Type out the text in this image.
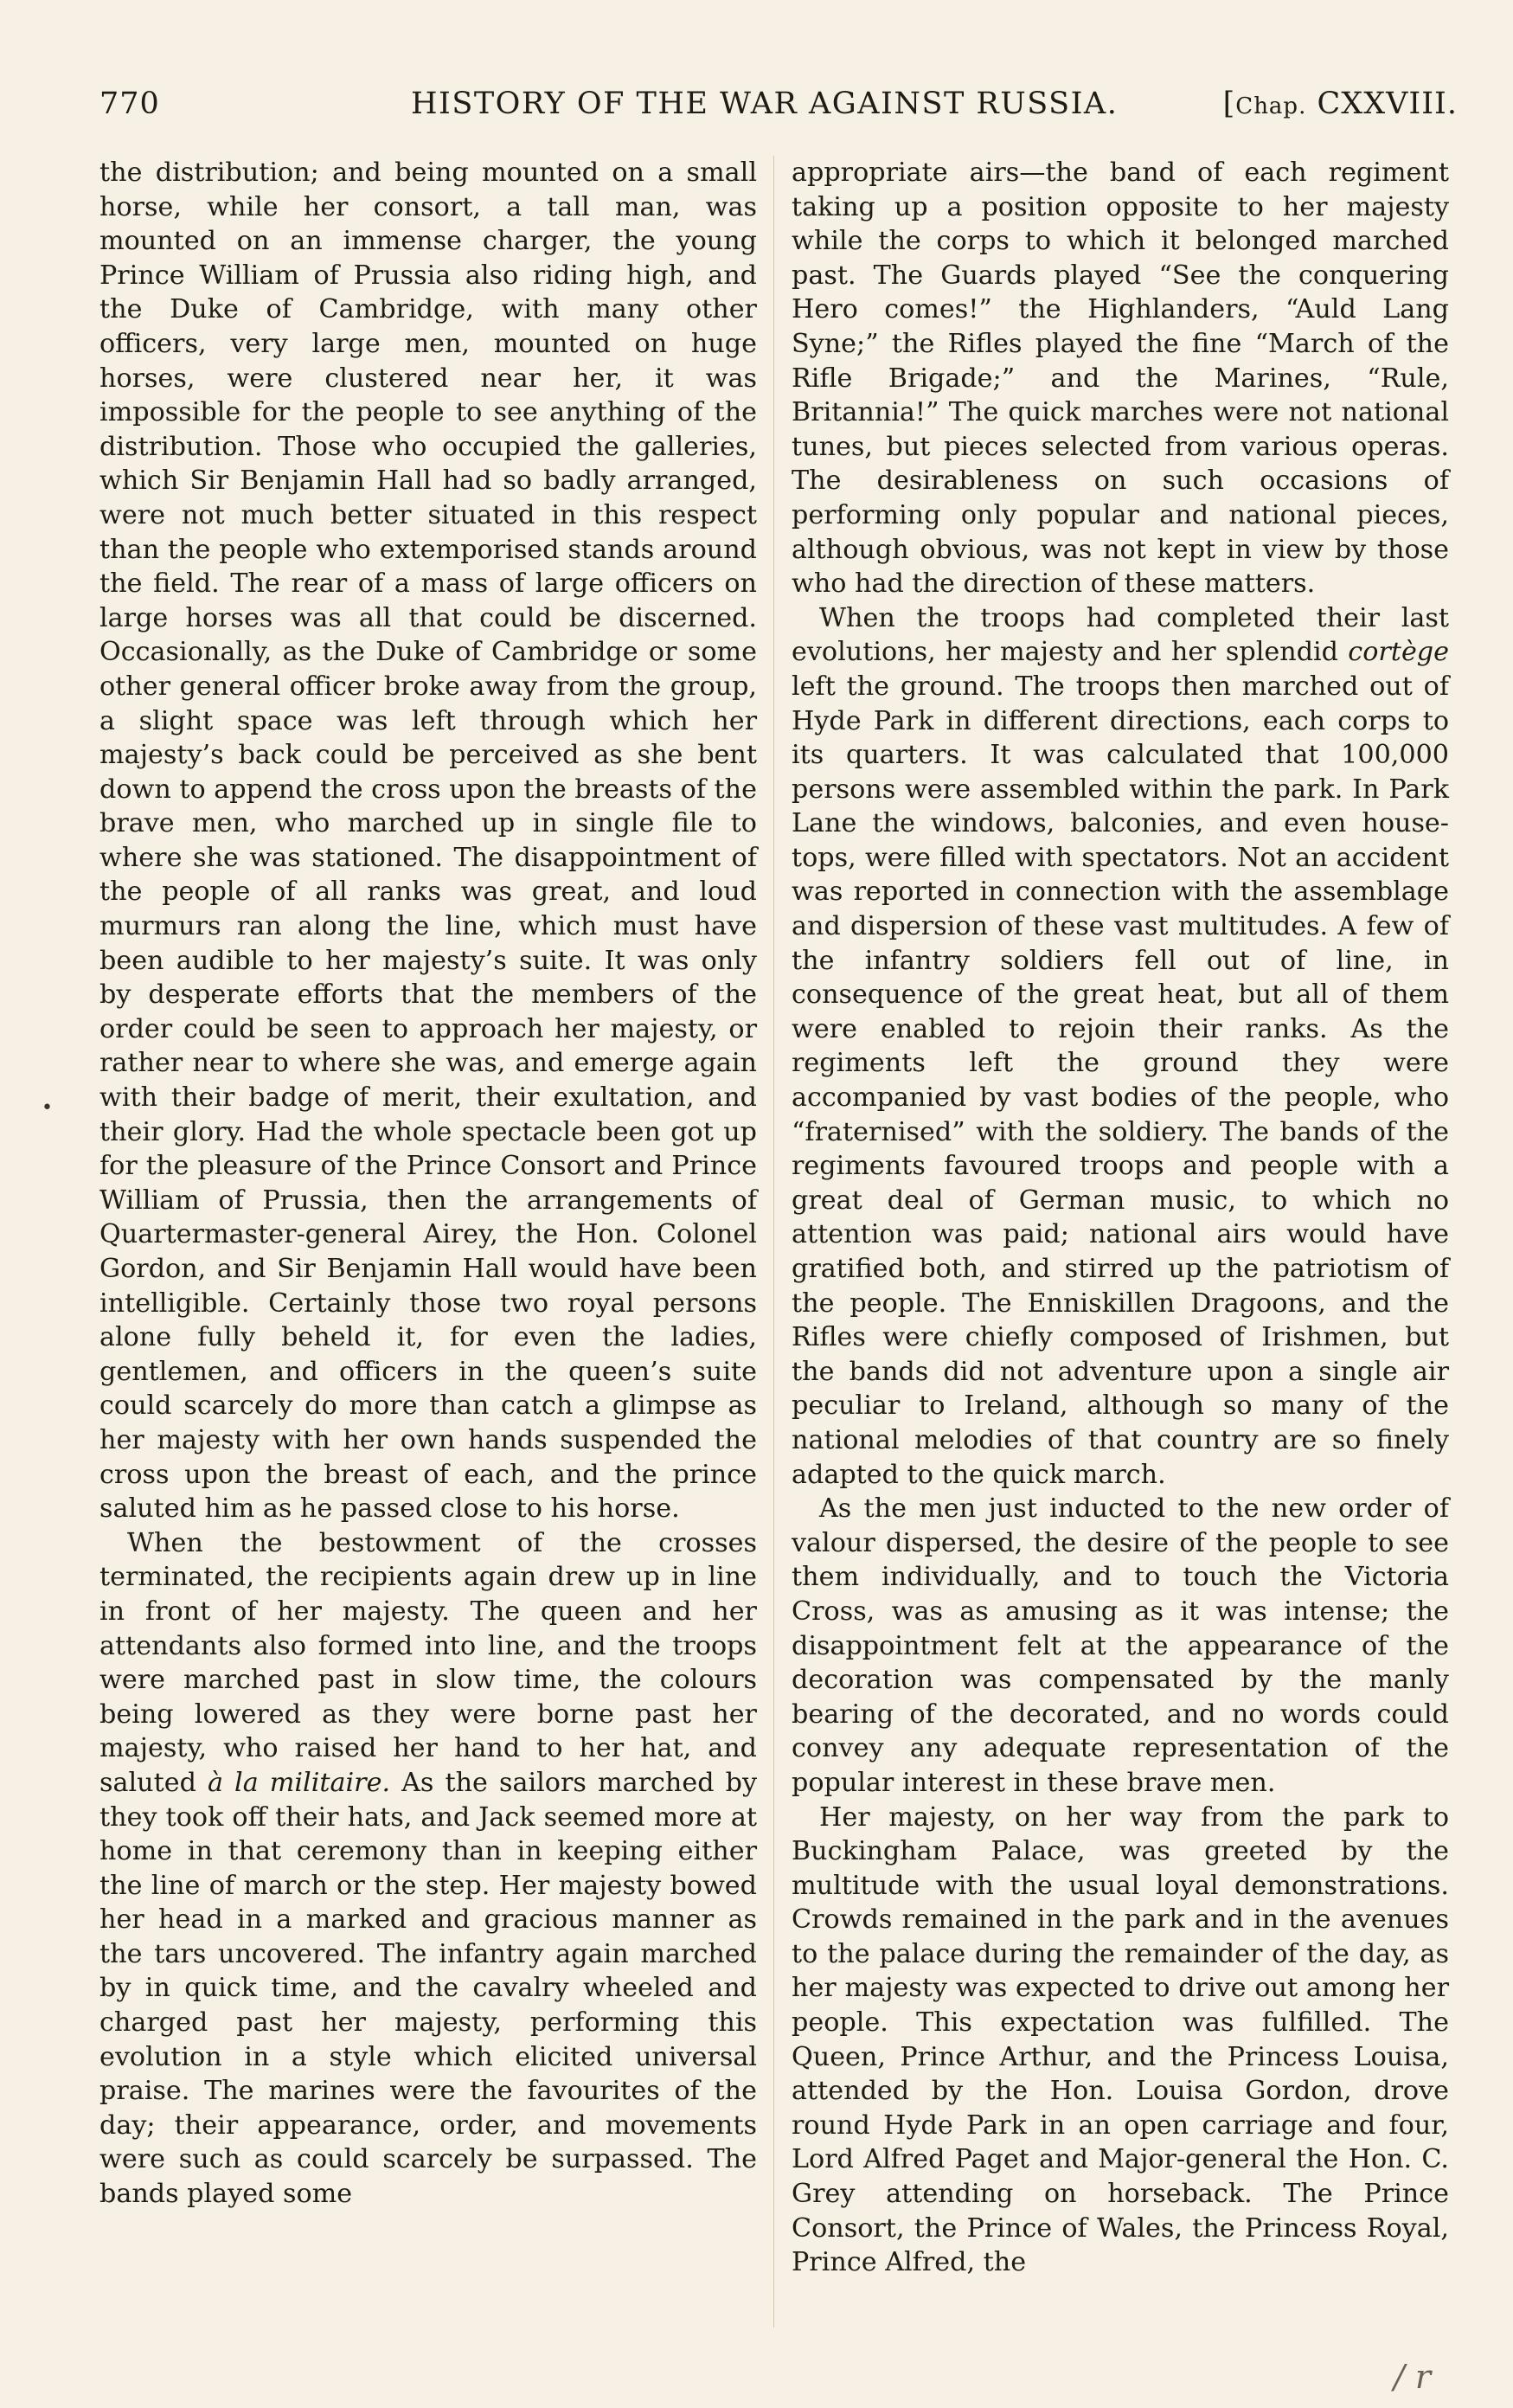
770	HISTORY OF THE WAR AGAINST RUSSIA.	[Chap. CXXVIII.

the distribution; and being mounted on a small horse, while her consort, a tall man, was mounted on an immense charger, the young Prince William of Prussia also riding high, and the Duke of Cambridge, with many other officers, very large men, mounted on huge horses, were clustered near her, it was impossible for the people to see anything of the distribution. Those who occupied the galleries, which Sir Benjamin Hall had so badly arranged, were not much better situated in this respect than the people who extemporised stands around the field. The rear of a mass of large officers on large horses was all that could be discerned. Occasionally, as the Duke of Cambridge or some other general officer broke away from the group, a slight space was left through which her majesty’s back could be perceived as she bent down to append the cross upon the breasts of the brave men, who marched up in single file to where she was stationed. The disappointment of the people of all ranks was great, and loud murmurs ran along the line, which must have been audible to her majesty’s suite. It was only by desperate efforts that the members of the order could be seen to approach her majesty, or rather near to where she was, and emerge again with their badge of merit, their exultation, and their glory. Had the whole spectacle been got up for the pleasure of the Prince Consort and Prince William of Prussia, then the arrangements of Quartermaster-general Airey, the Hon. Colonel Gordon, and Sir Benjamin Hall would have been intelligible. Certainly those two royal persons alone fully beheld it, for even the ladies, gentlemen, and officers in the queen’s suite could scarcely do more than catch a glimpse as her majesty with her own hands suspended the cross upon the breast of each, and the prince saluted him as he passed close to his horse.

When the bestowment of the crosses terminated, the recipients again drew up in line in front of her majesty. The queen and her attendants also formed into line, and the troops were marched past in slow time, the colours being lowered as they were borne past her majesty, who raised her hand to her hat, and saluted à la militaire. As the sailors marched by they took off their hats, and Jack seemed more at home in that ceremony than in keeping either the line of march or the step. Her majesty bowed her head in a marked and gracious manner as the tars uncovered. The infantry again marched by in quick time, and the cavalry wheeled and charged past her majesty, performing this evolution in a style which elicited universal praise. The marines were the favourites of the day; their appearance, order, and movements were such as could scarcely be surpassed. The bands played some

appropriate airs—the band of each regiment taking up a position opposite to her majesty while the corps to which it belonged marched past. The Guards played “See the conquering Hero comes!” the Highlanders, “Auld Lang Syne;” the Rifles played the fine “March of the Rifle Brigade;” and the Marines, “Rule, Britannia!” The quick marches were not national tunes, but pieces selected from various operas. The desirableness on such occasions of performing only popular and national pieces, although obvious, was not kept in view by those who had the direction of these matters.

When the troops had completed their last evolutions, her majesty and her splendid cortège left the ground. The troops then marched out of Hyde Park in different directions, each corps to its quarters. It was calculated that 100,000 persons were assembled within the park. In Park Lane the windows, balconies, and even house-tops, were filled with spectators. Not an accident was reported in connection with the assemblage and dispersion of these vast multitudes. A few of the infantry soldiers fell out of line, in consequence of the great heat, but all of them were enabled to rejoin their ranks. As the regiments left the ground they were accompanied by vast bodies of the people, who “fraternised” with the soldiery. The bands of the regiments favoured troops and people with a great deal of German music, to which no attention was paid; national airs would have gratified both, and stirred up the patriotism of the people. The Enniskillen Dragoons, and the Rifles were chiefly composed of Irishmen, but the bands did not adventure upon a single air peculiar to Ireland, although so many of the national melodies of that country are so finely adapted to the quick march.

As the men just inducted to the new order of valour dispersed, the desire of the people to see them individually, and to touch the Victoria Cross, was as amusing as it was intense; the disappointment felt at the appearance of the decoration was compensated by the manly bearing of the decorated, and no words could convey any adequate representation of the popular interest in these brave men.

Her majesty, on her way from the park to Buckingham Palace, was greeted by the multitude with the usual loyal demonstrations. Crowds remained in the park and in the avenues to the palace during the remainder of the day, as her majesty was expected to drive out among her people. This expectation was fulfilled. The Queen, Prince Arthur, and the Princess Louisa, attended by the Hon. Louisa Gordon, drove round Hyde Park in an open carriage and four, Lord Alfred Paget and Major-general the Hon. C. Grey attending on horseback. The Prince Consort, the Prince of Wales, the Princess Royal, Prince Alfred, the

•
/ r
